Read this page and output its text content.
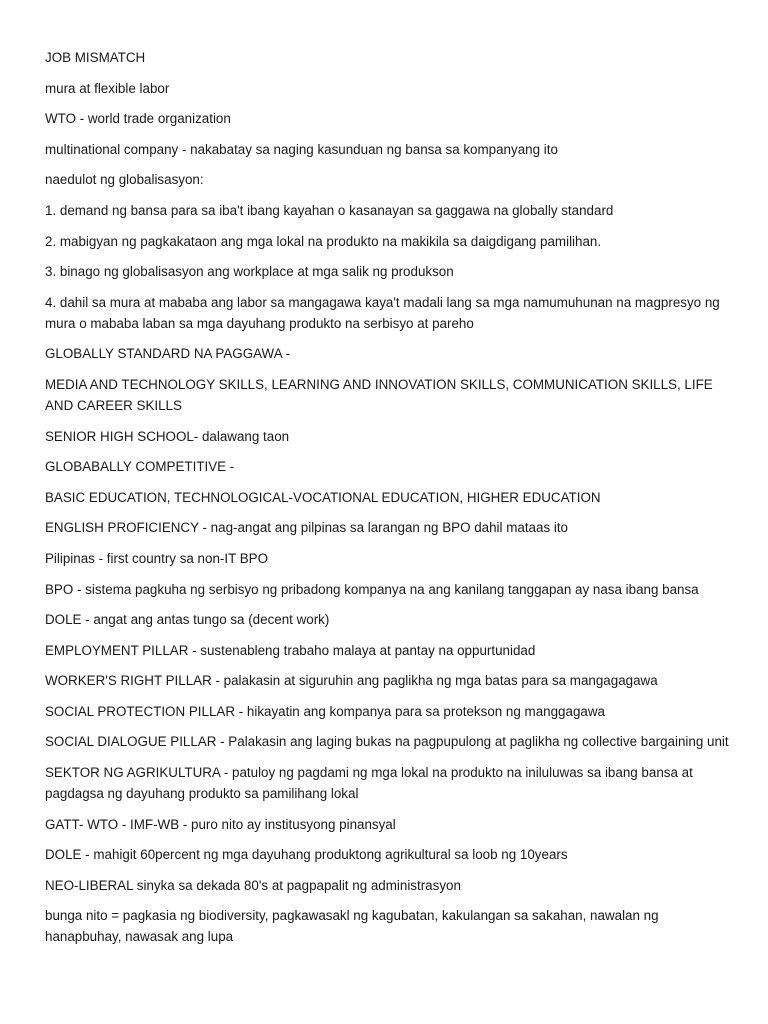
JOB MISMATCH

mura at flexible labor

WTO - world trade organization

multinational company - nakabatay sa naging kasunduan ng bansa sa kompanyang ito

naedulot ng globalisasyon:

1. demand ng bansa para sa iba't ibang kayahan o kasanayan sa gaggawa na globally standard

2. mabigyan ng pagkakataon ang mga lokal na produkto na makikila sa daigdigang pamilihan.

3. binago ng globalisasyon ang workplace at mga salik ng produkson

4. dahil sa mura at mababa ang labor sa mangagawa kaya't madali lang sa mga namumuhunan na magpresyo ng mura o mababa laban sa mga dayuhang produkto na serbisyo at pareho

GLOBALLY STANDARD NA PAGGAWA -

MEDIA AND TECHNOLOGY SKILLS, LEARNING AND INNOVATION SKILLS, COMMUNICATION SKILLS, LIFE AND CAREER SKILLS

SENIOR HIGH SCHOOL- dalawang taon

GLOBABALLY COMPETITIVE -

BASIC EDUCATION, TECHNOLOGICAL-VOCATIONAL EDUCATION, HIGHER EDUCATION

ENGLISH PROFICIENCY - nag-angat ang pilpinas sa larangan ng BPO dahil mataas ito

Pilipinas - first country sa non-IT BPO

BPO - sistema pagkuha ng serbisyo ng pribadong kompanya na ang kanilang tanggapan ay nasa ibang bansa

DOLE - angat ang antas tungo sa (decent work)

EMPLOYMENT PILLAR - sustenableng trabaho malaya at pantay na oppurtunidad

WORKER'S RIGHT PILLAR - palakasin at siguruhin ang paglikha ng mga batas para sa mangagagawa

SOCIAL PROTECTION PILLAR - hikayatin ang kompanya para sa protekson ng manggagawa

SOCIAL DIALOGUE PILLAR - Palakasin ang laging bukas na pagpupulong at paglikha ng collective bargaining unit

SEKTOR NG AGRIKULTURA - patuloy ng pagdami ng mga lokal na produkto na iniluluwas sa ibang bansa at pagdagsa ng dayuhang produkto sa pamilihang lokal

GATT- WTO - IMF-WB - puro nito ay institusyong pinansyal

DOLE - mahigit 60percent ng mga dayuhang produktong agrikultural sa loob ng 10years

NEO-LIBERAL sinyka sa dekada 80's at pagpapalit ng administrasyon

bunga nito = pagkasia ng biodiversity, pagkawasakl ng kagubatan, kakulangan sa sakahan, nawalan ng hanapbuhay, nawasak ang lupa
